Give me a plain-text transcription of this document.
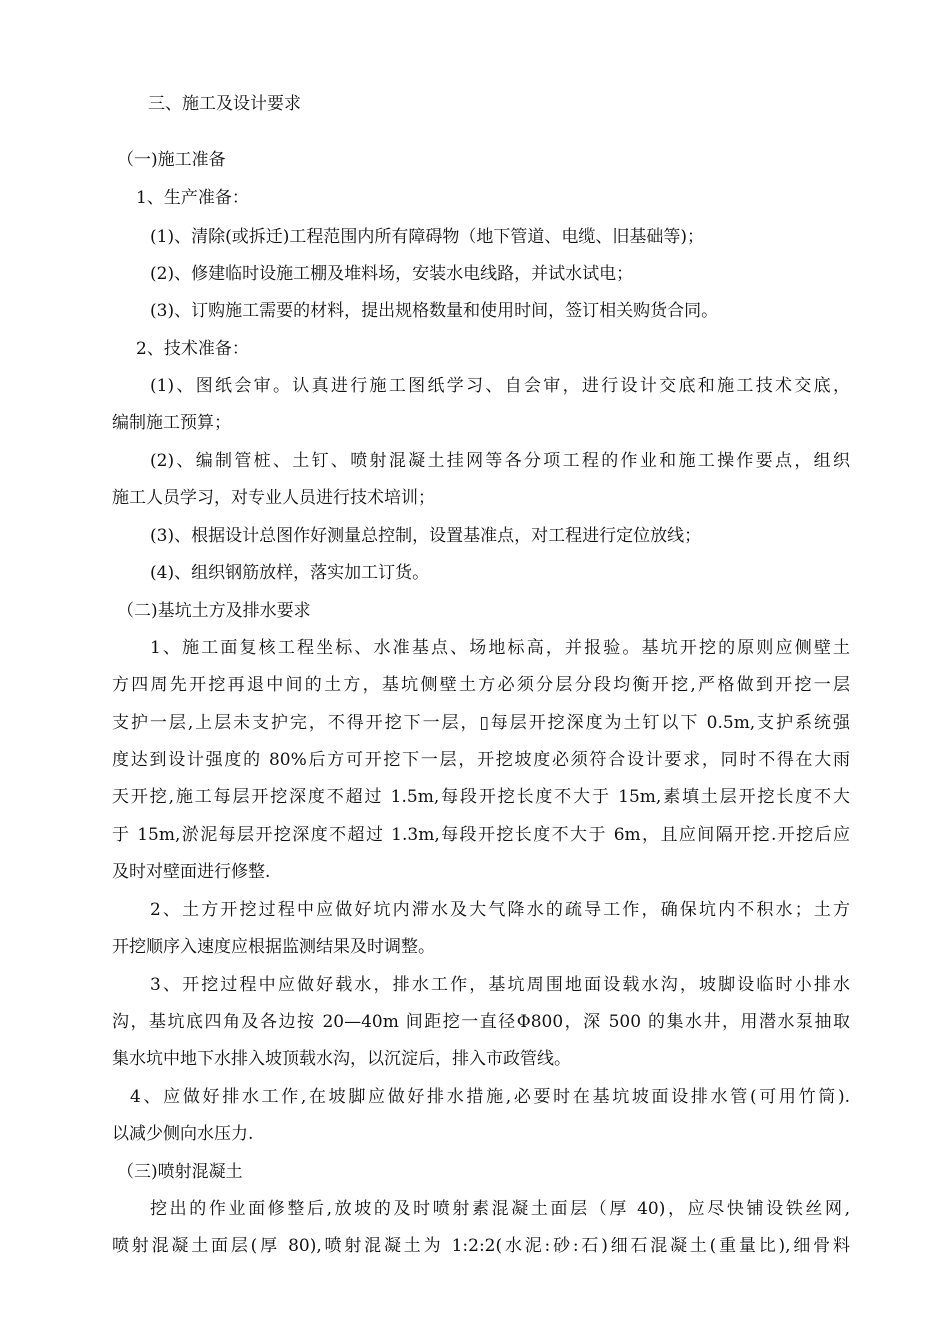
三、施工及设计要求
（一)施工准备
1、生产准备：
(1)、清除(或拆迁)工程范围内所有障碍物（地下管道、电缆、旧基础等)；
(2)、修建临时设施工棚及堆料场，安装水电线路，并试水试电；
(3)、订购施工需要的材料，提出规格数量和使用时间，签订相关购货合同。
2、技术准备：
(1)、图纸会审。认真进行施工图纸学习、自会审，进行设计交底和施工技术交底，
编制施工预算；
(2)、编制管桩、土钉、喷射混凝土挂网等各分项工程的作业和施工操作要点，组织
施工人员学习，对专业人员进行技术培训；
(3)、根据设计总图作好测量总控制，设置基准点，对工程进行定位放线；
(4)、组织钢筋放样，落实加工订货。
（二)基坑土方及排水要求
1、施工面复核工程坐标、水准基点、场地标高，并报验。基坑开挖的原则应侧壁土
方四周先开挖再退中间的土方，基坑侧壁土方必须分层分段均衡开挖,严格做到开挖一层
支护一层,上层未支护完，不得开挖下一层，▯每层开挖深度为土钉以下 0.5m,支护系统强
度达到设计强度的 80%后方可开挖下一层，开挖坡度必须符合设计要求，同时不得在大雨
天开挖,施工每层开挖深度不超过 1.5m,每段开挖长度不大于 15m,素填土层开挖长度不大
于 15m,淤泥每层开挖深度不超过 1.3m,每段开挖长度不大于 6m，且应间隔开挖.开挖后应
及时对壁面进行修整.
2、土方开挖过程中应做好坑内滞水及大气降水的疏导工作，确保坑内不积水；土方
开挖顺序入速度应根据监测结果及时调整。
3、开挖过程中应做好载水，排水工作，基坑周围地面设载水沟，坡脚设临时小排水
沟，基坑底四角及各边按 20—40m 间距挖一直径Φ800，深 500 的集水井，用潜水泵抽取
集水坑中地下水排入坡顶载水沟，以沉淀后，排入市政管线。
4、应做好排水工作,在坡脚应做好排水措施,必要时在基坑坡面设排水管(可用竹筒).
以减少侧向水压力.
（三)喷射混凝土
挖出的作业面修整后,放坡的及时喷射素混凝土面层（厚 40)，应尽快铺设铁丝网,
喷射混凝土面层(厚 80),喷射混凝土为 1:2:2(水泥:砂:石)细石混凝土(重量比),细骨料
